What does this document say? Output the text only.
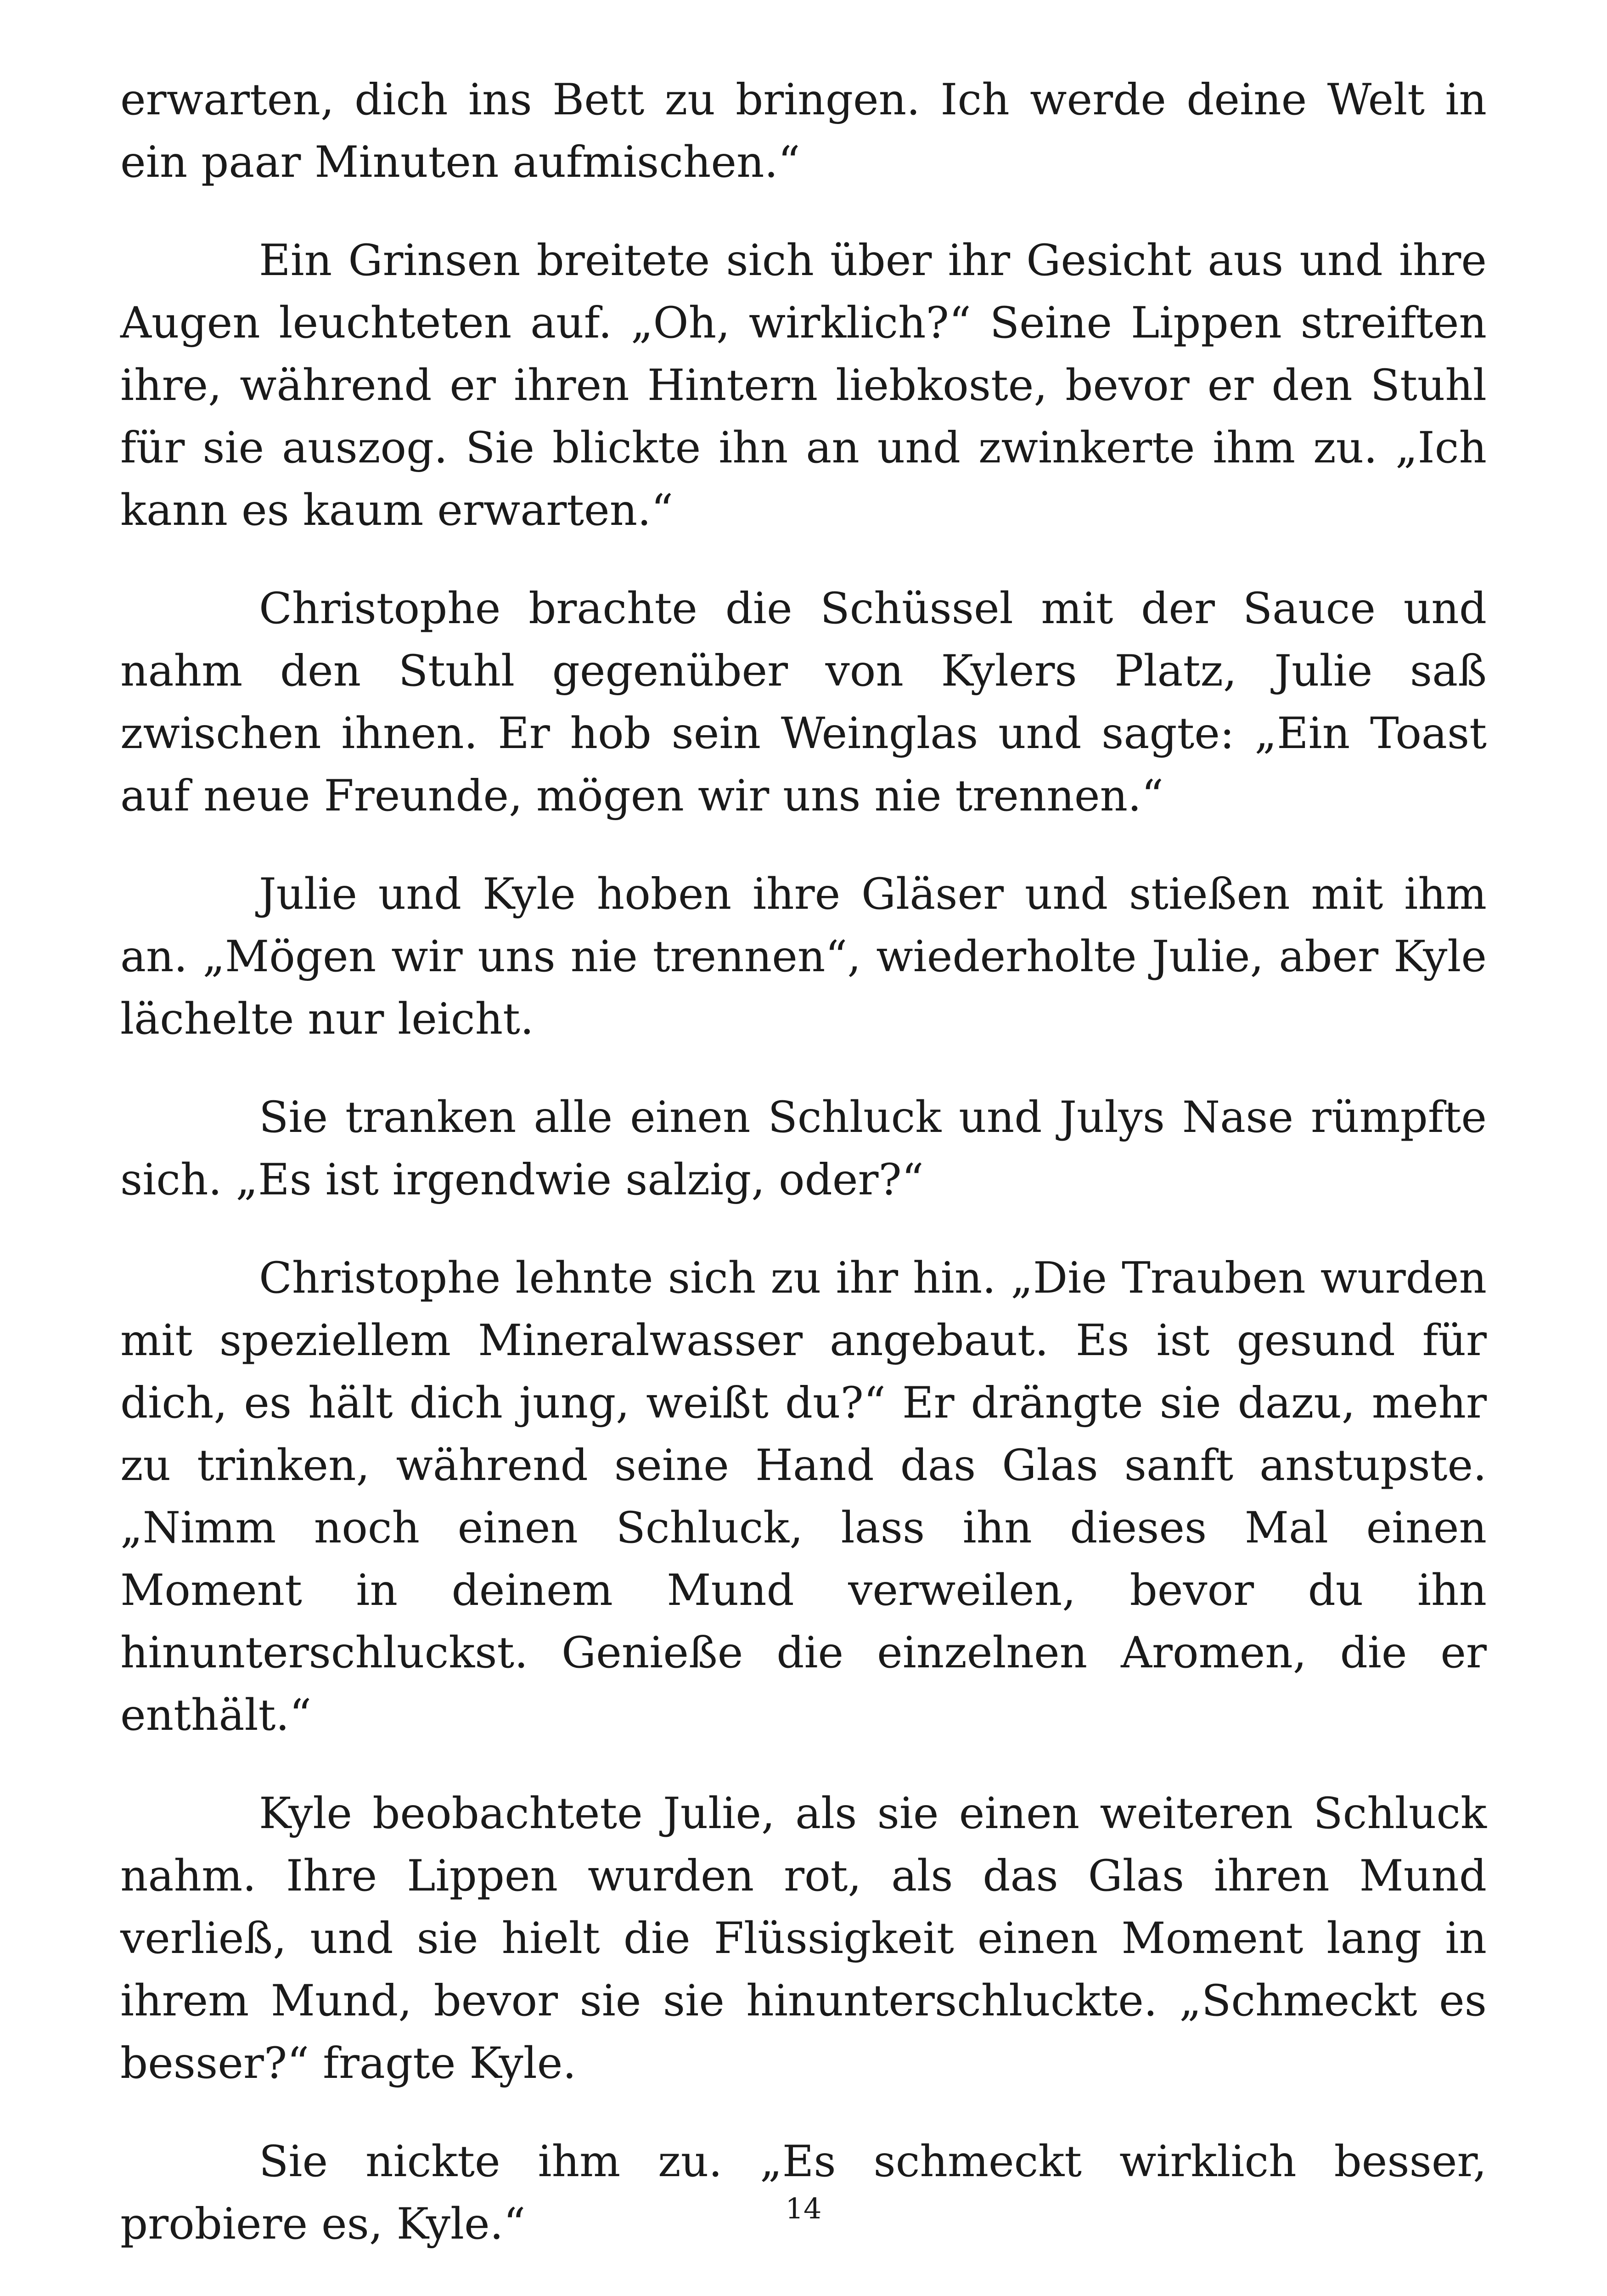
erwarten, dich ins Bett zu bringen. Ich werde deine Welt in ein paar Minuten aufmischen.“

Ein Grinsen breitete sich über ihr Gesicht aus und ihre Augen leuchteten auf. „Oh, wirklich?“ Seine Lippen streiften ihre, während er ihren Hintern liebkoste, bevor er den Stuhl für sie auszog. Sie blickte ihn an und zwinkerte ihm zu. „Ich kann es kaum erwarten.“

Christophe brachte die Schüssel mit der Sauce und nahm den Stuhl gegenüber von Kylers Platz, Julie saß zwischen ihnen. Er hob sein Weinglas und sagte: „Ein Toast auf neue Freunde, mögen wir uns nie trennen.“

Julie und Kyle hoben ihre Gläser und stießen mit ihm an. „Mögen wir uns nie trennen“, wiederholte Julie, aber Kyle lächelte nur leicht.

Sie tranken alle einen Schluck und Julys Nase rümpfte sich. „Es ist irgendwie salzig, oder?“

Christophe lehnte sich zu ihr hin. „Die Trauben wurden mit speziellem Mineralwasser angebaut. Es ist gesund für dich, es hält dich jung, weißt du?“ Er drängte sie dazu, mehr zu trinken, während seine Hand das Glas sanft anstupste. „Nimm noch einen Schluck, lass ihn dieses Mal einen Moment in deinem Mund verweilen, bevor du ihn hinunterschluckst. Genieße die einzelnen Aromen, die er enthält.“

Kyle beobachtete Julie, als sie einen weiteren Schluck nahm. Ihre Lippen wurden rot, als das Glas ihren Mund verließ, und sie hielt die Flüssigkeit einen Moment lang in ihrem Mund, bevor sie sie hinunterschluckte. „Schmeckt es besser?“ fragte Kyle.

Sie nickte ihm zu. „Es schmeckt wirklich besser, probiere es, Kyle.“	14
